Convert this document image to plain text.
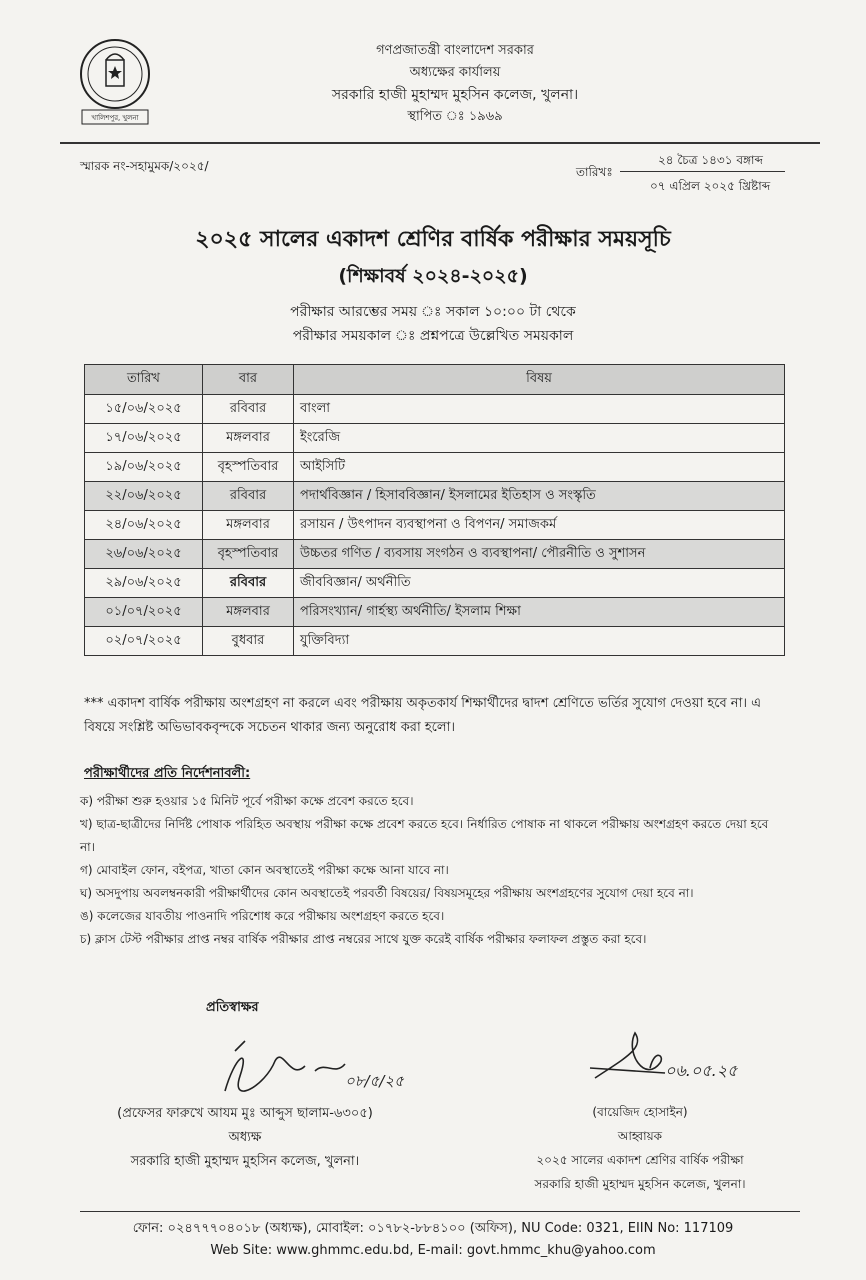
খালিশপুর, খুলনা
গণপ্রজাতন্ত্রী বাংলাদেশ সরকার
অধ্যক্ষের কার্যালয়
সরকারি হাজী মুহাম্মদ মুহসিন কলেজ, খুলনা।
স্থাপিত ঃ ১৯৬৯
স্মারক নং-সহামুমক/২০২৫/	তারিখঃ
২৪ চৈত্র ১৪৩১ বঙ্গাব্দ
০৭ এপ্রিল ২০২৫ খ্রিষ্টাব্দ
২০২৫ সালের একাদশ শ্রেণির বার্ষিক পরীক্ষার সময়সূচি
(শিক্ষাবর্ষ ২০২৪-২০২৫)
পরীক্ষার আরম্ভের সময় ঃ সকাল ১০:০০ টা থেকে
পরীক্ষার সময়কাল ঃ প্রশ্নপত্রে উল্লেখিত সময়কাল
তারিখ	বার	বিষয়
১৫/০৬/২০২৫	রবিবার	বাংলা
১৭/০৬/২০২৫	মঙ্গলবার	ইংরেজি
১৯/০৬/২০২৫	বৃহস্পতিবার	আইসিটি
২২/০৬/২০২৫	রবিবার	পদার্থবিজ্ঞান / হিসাববিজ্ঞান/ ইসলামের ইতিহাস ও সংস্কৃতি
২৪/০৬/২০২৫	মঙ্গলবার	রসায়ন / উৎপাদন ব্যবস্থাপনা ও বিপণন/ সমাজকর্ম
২৬/০৬/২০২৫	বৃহস্পতিবার	উচ্চতর গণিত / ব্যবসায় সংগঠন ও ব্যবস্থাপনা/ পৌরনীতি ও সুশাসন
২৯/০৬/২০২৫	রবিবার	জীববিজ্ঞান/ অর্থনীতি
০১/০৭/২০২৫	মঙ্গলবার	পরিসংখ্যান/ গার্হস্থ্য অর্থনীতি/ ইসলাম শিক্ষা
০২/০৭/২০২৫	বুধবার	যুক্তিবিদ্যা
*** একাদশ বার্ষিক পরীক্ষায় অংশগ্রহণ না করলে এবং পরীক্ষায় অকৃতকার্য শিক্ষার্থীদের দ্বাদশ শ্রেণিতে ভর্তির সুযোগ দেওয়া হবে না। এ বিষয়ে সংশ্লিষ্ট অভিভাবকবৃন্দকে সচেতন থাকার জন্য অনুরোধ করা হলো।
পরীক্ষার্থীদের প্রতি নির্দেশনাবলী:
ক) পরীক্ষা শুরু হওয়ার ১৫ মিনিট পূর্বে পরীক্ষা কক্ষে প্রবেশ করতে হবে।
খ) ছাত্র-ছাত্রীদের নির্দিষ্ট পোষাক পরিহিত অবস্থায় পরীক্ষা কক্ষে প্রবেশ করতে হবে। নির্ধারিত পোষাক না থাকলে পরীক্ষায় অংশগ্রহণ করতে দেয়া হবে না।
গ) মোবাইল ফোন, বইপত্র, খাতা কোন অবস্থাতেই পরীক্ষা কক্ষে আনা যাবে না।
ঘ) অসদুপায় অবলম্বনকারী পরীক্ষার্থীদের কোন অবস্থাতেই পরবর্তী বিষয়ের/ বিষয়সমূহের পরীক্ষায় অংশগ্রহণের সুযোগ দেয়া হবে না।
ঙ) কলেজের যাবতীয় পাওনাদি পরিশোধ করে পরীক্ষায় অংশগ্রহণ করতে হবে।
চ) ক্লাস টেস্ট পরীক্ষার প্রাপ্ত নম্বর বার্ষিক পরীক্ষার প্রাপ্ত নম্বরের সাথে যুক্ত করেই বার্ষিক পরীক্ষার ফলাফল প্রস্তুত করা হবে।
প্রতিস্বাক্ষর
০৮/৫/২৫
০৬.০৫.২৫
(প্রফেসর ফারুখে আযম মুঃ আব্দুস ছালাম-৬৩০৫)
অধ্যক্ষ
সরকারি হাজী মুহাম্মদ মুহসিন কলেজ, খুলনা।
(বায়েজিদ হোসাইন)
আহ্বায়ক
২০২৫ সালের একাদশ শ্রেণির বার্ষিক পরীক্ষা
সরকারি হাজী মুহাম্মদ মুহসিন কলেজ, খুলনা।
ফোন: ০২৪৭৭৭০৪০১৮ (অধ্যক্ষ), মোবাইল: ০১৭৮২-৮৮৪১০০ (অফিস), NU Code: 0321, EIIN No: 117109
Web Site: www.ghmmc.edu.bd, E-mail: govt.hmmc_khu@yahoo.com
